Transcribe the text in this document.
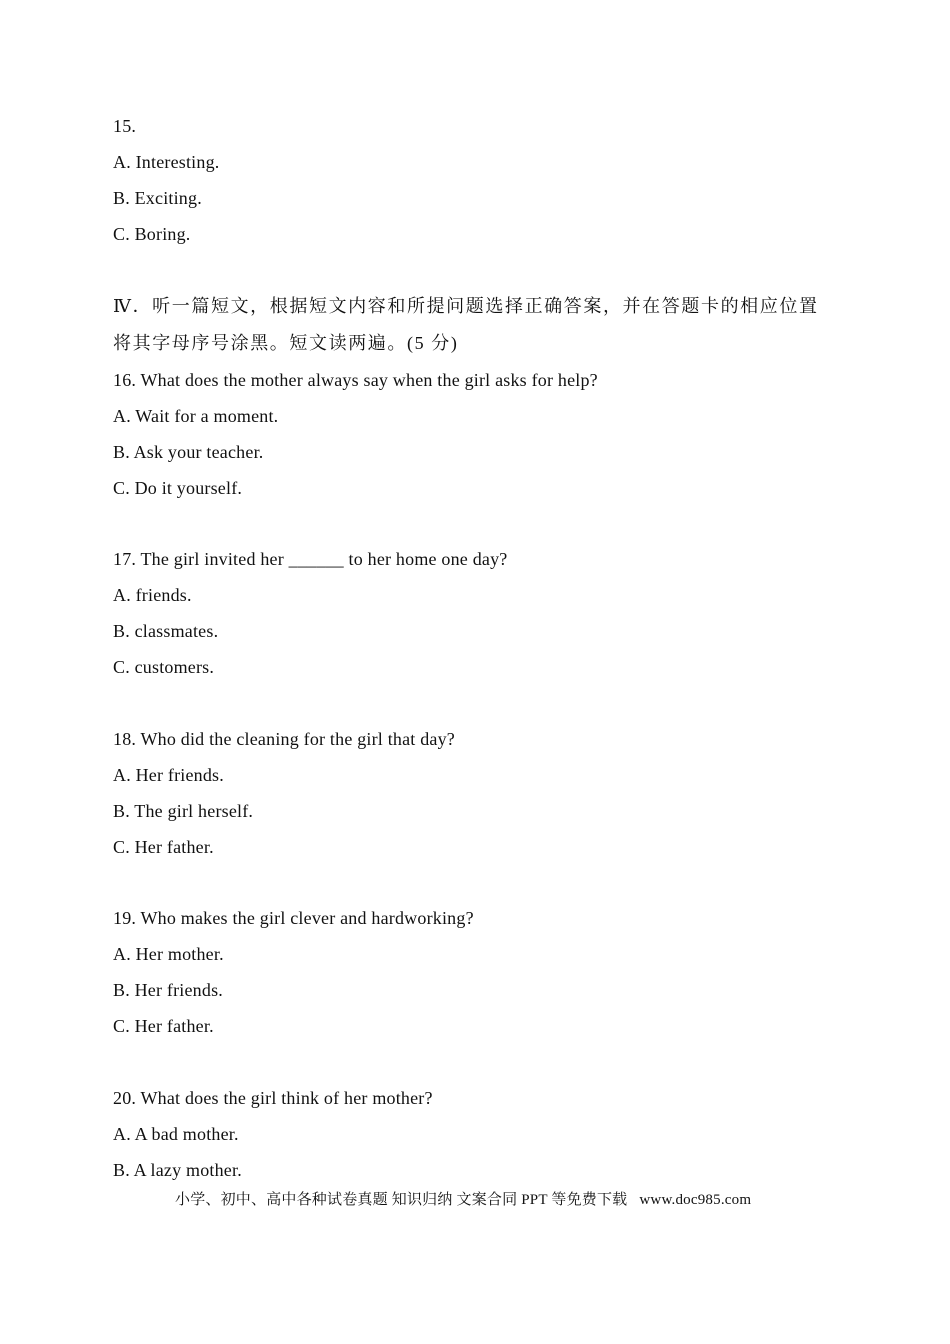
15.
A. Interesting.
B. Exciting.
C. Boring.
Ⅳ．听一篇短文，根据短文内容和所提问题选择正确答案，并在答题卡的相应位置
将其字母序号涂黑。短文读两遍。(5 分)
16. What does the mother always say when the girl asks for help?
A. Wait for a moment.
B. Ask your teacher.
C. Do it yourself.
17. The girl invited her ______ to her home one day?
A. friends.
B. classmates.
C. customers.
18. Who did the cleaning for the girl that day?
A. Her friends.
B. The girl herself.
C. Her father.
19. Who makes the girl clever and hardworking?
A. Her mother.
B. Her friends.
C. Her father.
20. What does the girl think of her mother?
A. A bad mother.
B. A lazy mother.
小学、初中、高中各种试卷真题 知识归纳 文案合同 PPT 等免费下载 www.doc985.com
